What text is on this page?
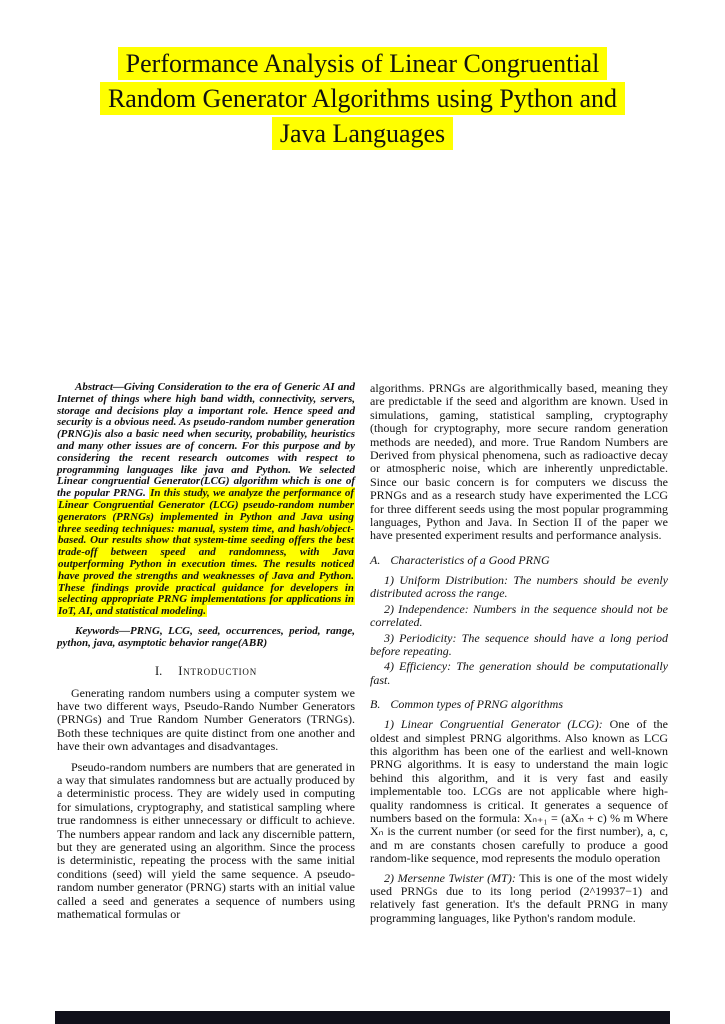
Performance Analysis of Linear Congruential Random Generator Algorithms using Python and Java Languages

Abstract—Giving Consideration to the era of Generic AI and Internet of things where high band width, connectivity, servers, storage and decisions play a important role. Hence speed and security is a obvious need. As pseudo-random number generation (PRNG)is also a basic need when security, probability, heuristics and many other issues are of concern. For this purpose and by considering the recent research outcomes with respect to programming languages like java and Python. We selected Linear congruential Generator(LCG) algorithm which is one of the popular PRNG. In this study, we analyze the performance of Linear Congruential Generator (LCG) pseudo-random number generators (PRNGs) implemented in Python and Java using three seeding techniques: manual, system time, and hash/object-based. Our results show that system-time seeding offers the best trade-off between speed and randomness, with Java outperforming Python in execution times. The results noticed have proved the strengths and weaknesses of Java and Python. These findings provide practical guidance for developers in selecting appropriate PRNG implementations for applications in IoT, AI, and statistical modeling.

Keywords—PRNG, LCG, seed, occurrences, period, range, python, java, asymptotic behavior range(ABR)

I. Introduction

Generating random numbers using a computer system we have two different ways, Pseudo-Rando Number Generators (PRNGs) and True Random Number Generators (TRNGs). Both these techniques are quite distinct from one another and have their own advantages and disadvantages.

Pseudo-random numbers are numbers that are generated in a way that simulates randomness but are actually produced by a deterministic process. They are widely used in computing for simulations, cryptography, and statistical sampling where true randomness is either unnecessary or difficult to achieve. The numbers appear random and lack any discernible pattern, but they are generated using an algorithm. Since the process is deterministic, repeating the process with the same initial conditions (seed) will yield the same sequence. A pseudo-random number generator (PRNG) starts with an initial value called a seed and generates a sequence of numbers using mathematical formulas or

algorithms. PRNGs are algorithmically based, meaning they are predictable if the seed and algorithm are known. Used in simulations, gaming, statistical sampling, cryptography (though for cryptography, more secure random generation methods are needed), and more. True Random Numbers are Derived from physical phenomena, such as radioactive decay or atmospheric noise, which are inherently unpredictable. Since our basic concern is for computers we discuss the PRNGs and as a research study have experimented the LCG for three different seeds using the most popular programming languages, Python and Java. In Section II of the paper we have presented experiment results and performance analysis.

A. Characteristics of a Good PRNG

1) Uniform Distribution: The numbers should be evenly distributed across the range.

2) Independence: Numbers in the sequence should not be correlated.

3) Periodicity: The sequence should have a long period before repeating.

4) Efficiency: The generation should be computationally fast.

B. Common types of PRNG algorithms

1) Linear Congruential Generator (LCG): One of the oldest and simplest PRNG algorithms. Also known as LCG this algorithm has been one of the earliest and well-known PRNG algorithms. It is easy to understand the main logic behind this algorithm, and it is very fast and easily implementable too. LCGs are not applicable where high-quality randomness is critical. It generates a sequence of numbers based on the formula: Xₙ₊₁ = (aXₙ + c) % m Where Xₙ is the current number (or seed for the first number), a, c, and m are constants chosen carefully to produce a good random-like sequence, mod represents the modulo operation

2) Mersenne Twister (MT): This is one of the most widely used PRNGs due to its long period (2^19937−1) and relatively fast generation. It's the default PRNG in many programming languages, like Python's random module.
